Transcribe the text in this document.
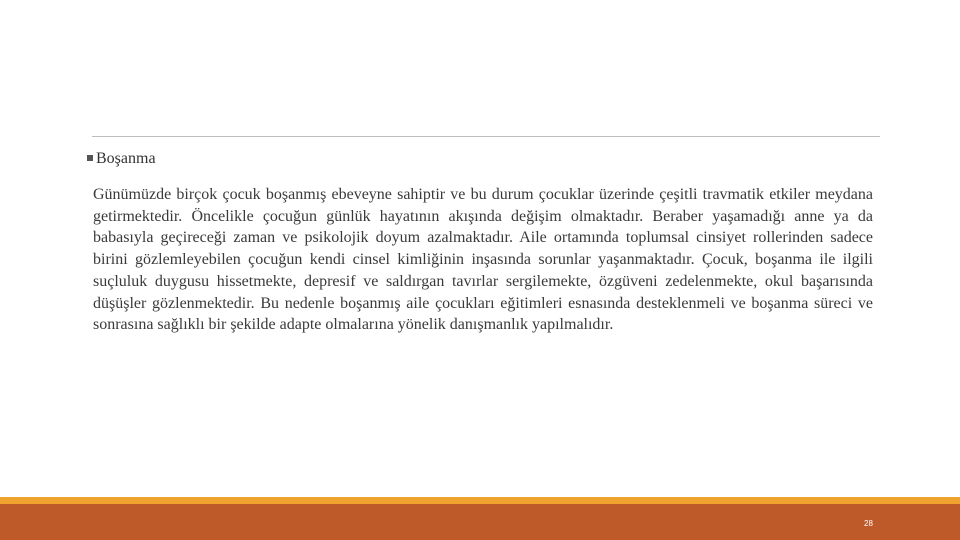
Boşanma

Günümüzde birçok çocuk boşanmış ebeveyne sahiptir ve bu durum çocuklar üzerinde çeşitli travmatik etkiler meydana getirmektedir. Öncelikle çocuğun günlük hayatının akışında değişim olmaktadır. Beraber yaşamadığı anne ya da babasıyla geçireceği zaman ve psikolojik doyum azalmaktadır. Aile ortamında toplumsal cinsiyet rollerinden sadece birini gözlemleyebilen çocuğun kendi cinsel kimliğinin inşasında sorunlar yaşanmaktadır. Çocuk, boşanma ile ilgili suçluluk duygusu hissetmekte, depresif ve saldırgan tavırlar sergilemekte, özgüveni zedelenmekte, okul başarısında düşüşler gözlenmektedir. Bu nedenle boşanmış aile çocukları eğitimleri esnasında desteklenmeli ve boşanma süreci ve sonrasına sağlıklı bir şekilde adapte olmalarına yönelik danışmanlık yapılmalıdır.

28
